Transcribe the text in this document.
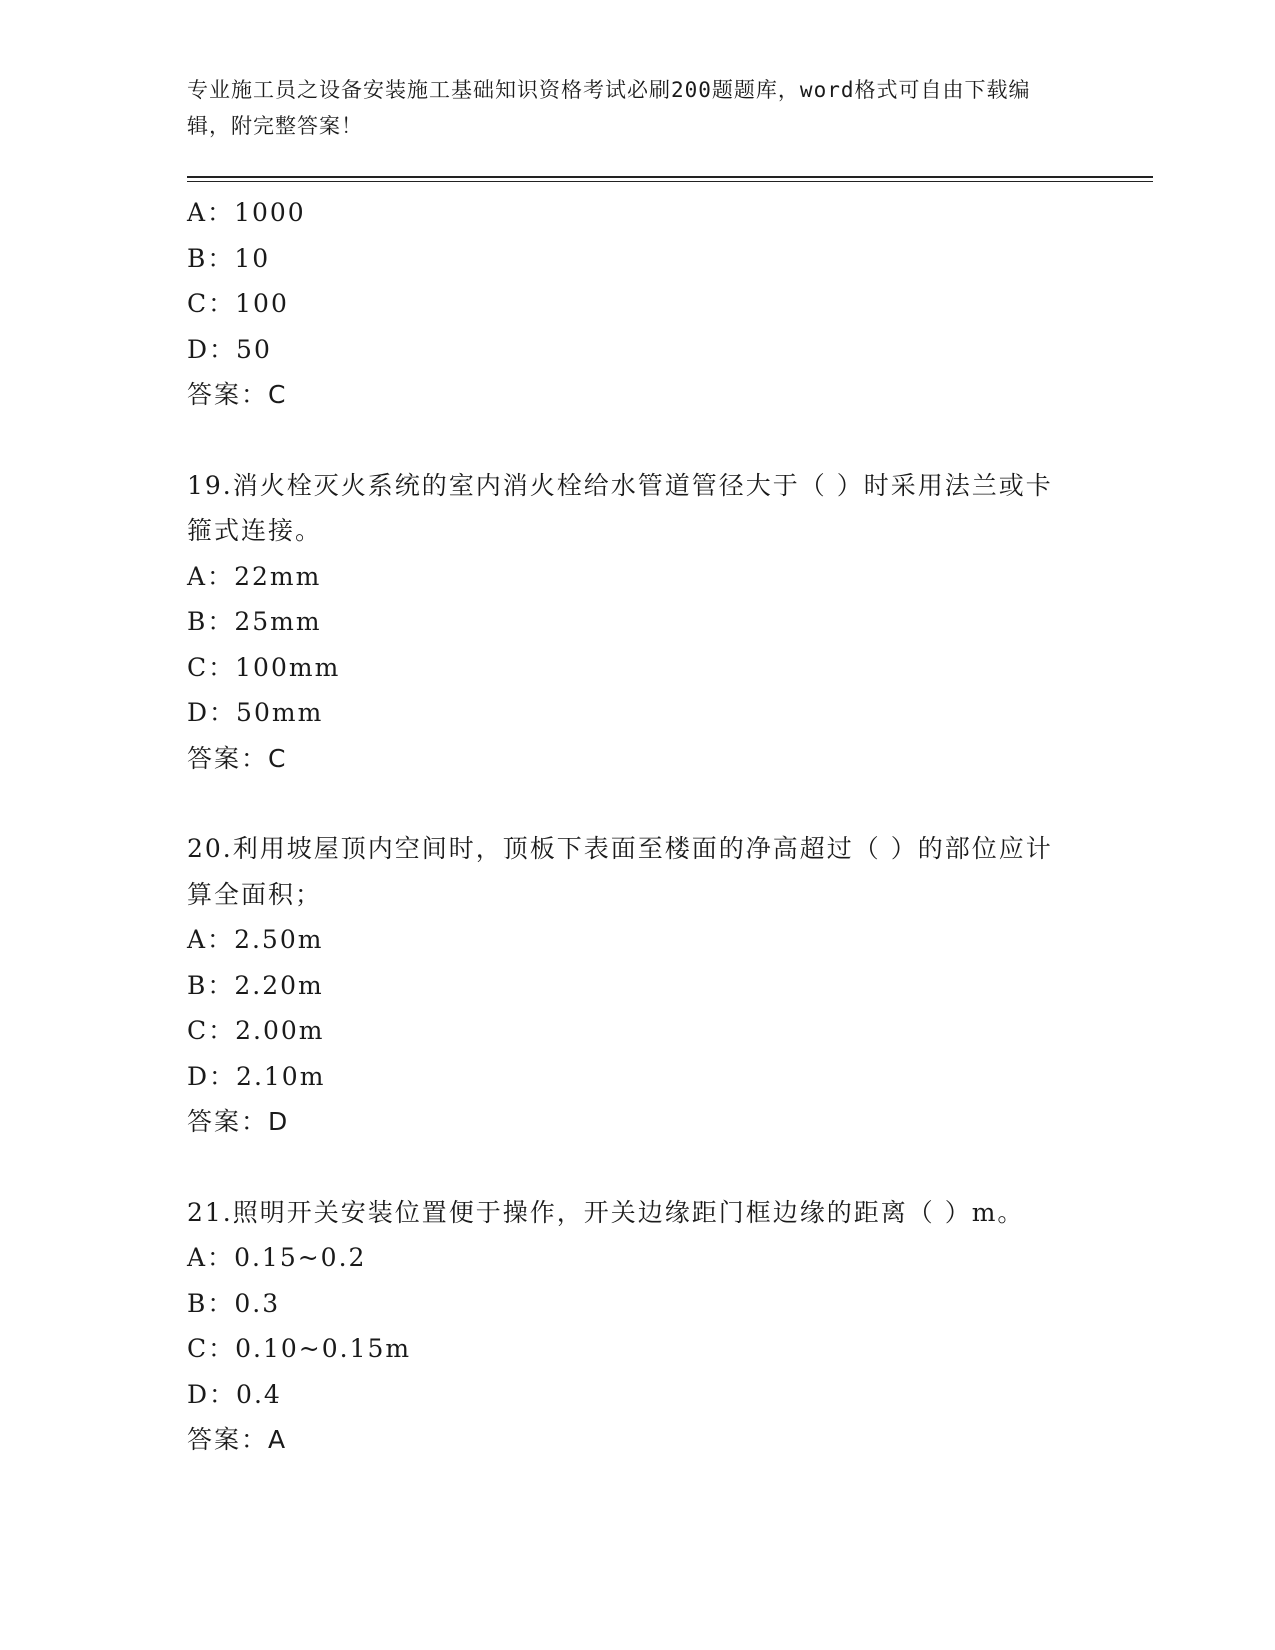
专业施工员之设备安装施工基础知识资格考试必刷200题题库，word格式可自由下载编辑，附完整答案！
A：1000
B：10
C：100
D：50
答案：C
19.消火栓灭火系统的室内消火栓给水管道管径大于（ ）时采用法兰或卡箍式连接。
A：22mm
B：25mm
C：100mm
D：50mm
答案：C
20.利用坡屋顶内空间时，顶板下表面至楼面的净高超过（ ）的部位应计算全面积；
A：2.50m
B：2.20m
C：2.00m
D：2.10m
答案：D
21.照明开关安装位置便于操作，开关边缘距门框边缘的距离（ ）m。
A：0.15~0.2
B：0.3
C：0.10~0.15m
D：0.4
答案：A
